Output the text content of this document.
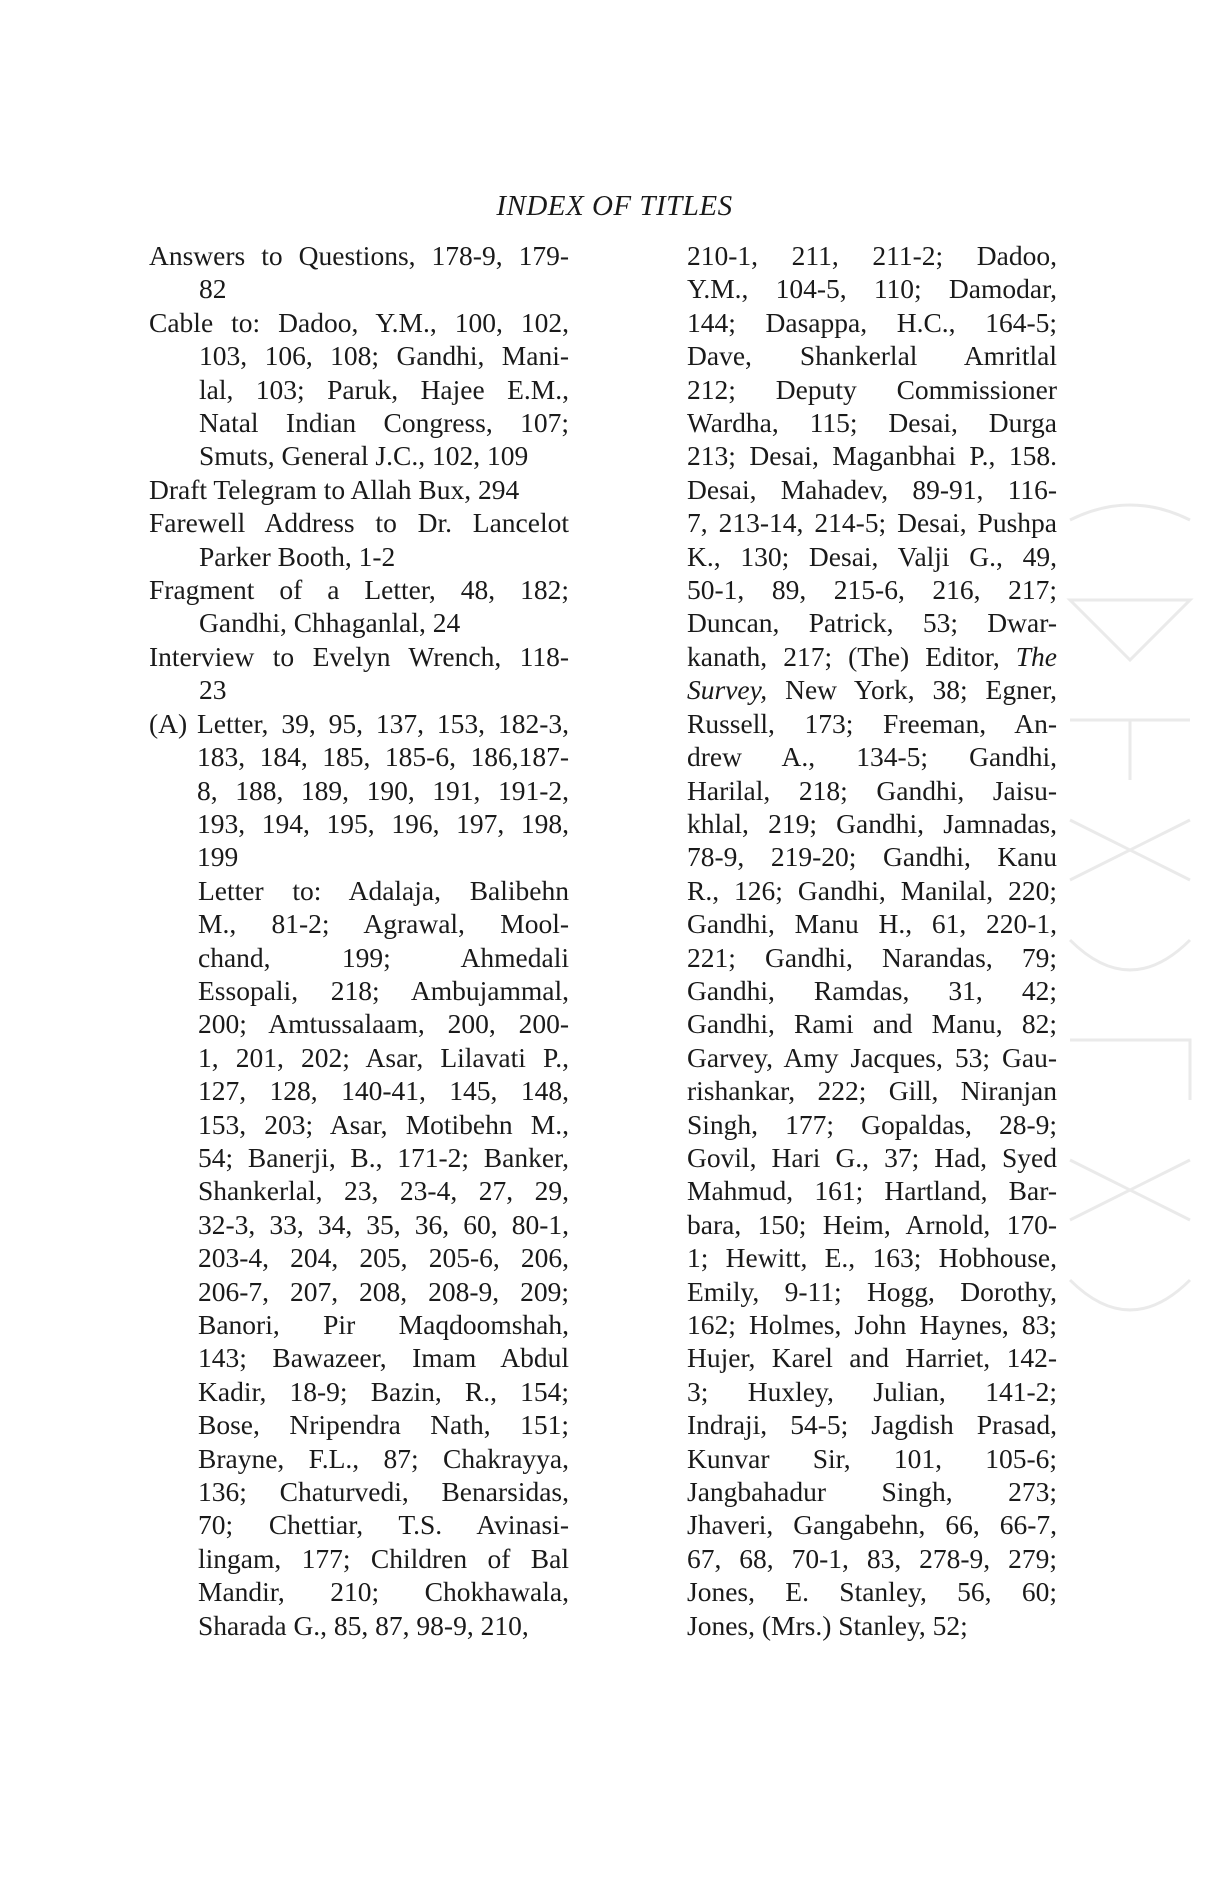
INDEX OF TITLES
Answers to Questions, 178-9, 179-
82
Cable to: Dadoo, Y.M., 100, 102,
103, 106, 108; Gandhi, Mani-
lal, 103; Paruk, Hajee E.M.,
Natal Indian Congress, 107;
Smuts, General J.C., 102, 109
Draft Telegram to Allah Bux, 294
Farewell Address to Dr. Lancelot
Parker Booth, 1-2
Fragment of a Letter, 48, 182;
Gandhi, Chhaganlal, 24
Interview to Evelyn Wrench, 118-
23
(A) Letter, 39, 95, 137, 153, 182-3,
183, 184, 185, 185-6, 186,187-
8, 188, 189, 190, 191, 191-2,
193, 194, 195, 196, 197, 198,
199
Letter to: Adalaja, Balibehn
M., 81-2; Agrawal, Mool-
chand, 199; Ahmedali
Essopali, 218; Ambujammal,
200; Amtussalaam, 200, 200-
1, 201, 202; Asar, Lilavati P.,
127, 128, 140-41, 145, 148,
153, 203; Asar, Motibehn M.,
54; Banerji, B., 171-2; Banker,
Shankerlal, 23, 23-4, 27, 29,
32-3, 33, 34, 35, 36, 60, 80-1,
203-4, 204, 205, 205-6, 206,
206-7, 207, 208, 208-9, 209;
Banori, Pir Maqdoomshah,
143; Bawazeer, Imam Abdul
Kadir, 18-9; Bazin, R., 154;
Bose, Nripendra Nath, 151;
Brayne, F.L., 87; Chakrayya,
136; Chaturvedi, Benarsidas,
70; Chettiar, T.S. Avinasi-
lingam, 177; Children of Bal
Mandir, 210; Chokhawala,
Sharada G., 85, 87, 98-9, 210,
210-1, 211, 211-2; Dadoo,
Y.M., 104-5, 110; Damodar,
144; Dasappa, H.C., 164-5;
Dave, Shankerlal Amritlal
212; Deputy Commissioner
Wardha, 115; Desai, Durga
213; Desai, Maganbhai P., 158.
Desai, Mahadev, 89-91, 116-
7, 213-14, 214-5; Desai, Pushpa
K., 130; Desai, Valji G., 49,
50-1, 89, 215-6, 216, 217;
Duncan, Patrick, 53; Dwar-
kanath, 217; (The) Editor, The
Survey, New York, 38; Egner,
Russell, 173; Freeman, An-
drew A., 134-5; Gandhi,
Harilal, 218; Gandhi, Jaisu-
khlal, 219; Gandhi, Jamnadas,
78-9, 219-20; Gandhi, Kanu
R., 126; Gandhi, Manilal, 220;
Gandhi, Manu H., 61, 220-1,
221; Gandhi, Narandas, 79;
Gandhi, Ramdas, 31, 42;
Gandhi, Rami and Manu, 82;
Garvey, Amy Jacques, 53; Gau-
rishankar, 222; Gill, Niranjan
Singh, 177; Gopaldas, 28-9;
Govil, Hari G., 37; Had, Syed
Mahmud, 161; Hartland, Bar-
bara, 150; Heim, Arnold, 170-
1; Hewitt, E., 163; Hobhouse,
Emily, 9-11; Hogg, Dorothy,
162; Holmes, John Haynes, 83;
Hujer, Karel and Harriet, 142-
3; Huxley, Julian, 141-2;
Indraji, 54-5; Jagdish Prasad,
Kunvar Sir, 101, 105-6;
Jangbahadur Singh, 273;
Jhaveri, Gangabehn, 66, 66-7,
67, 68, 70-1, 83, 278-9, 279;
Jones, E. Stanley, 56, 60;
Jones, (Mrs.) Stanley, 52;
